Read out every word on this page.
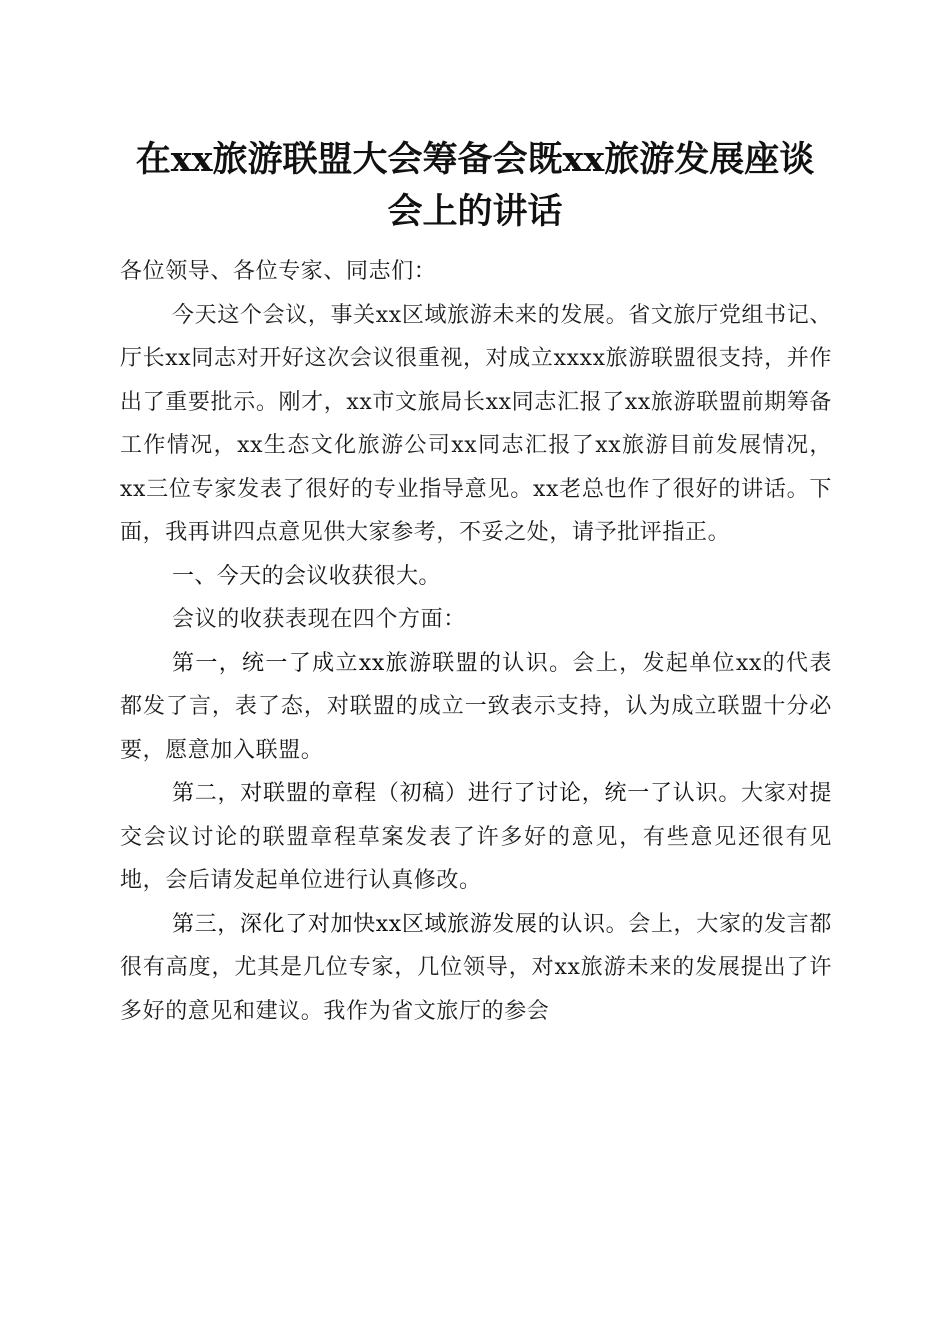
在xx旅游联盟大会筹备会既xx旅游发展座谈
会上的讲话

各位领导、各位专家、同志们：

今天这个会议，事关xx区域旅游未来的发展。省文旅厅党组书记、厅长xx同志对开好这次会议很重视，对成立xxxx旅游联盟很支持，并作出了重要批示。刚才，xx市文旅局长xx同志汇报了xx旅游联盟前期筹备工作情况，xx生态文化旅游公司xx同志汇报了xx旅游目前发展情况，xx三位专家发表了很好的专业指导意见。xx老总也作了很好的讲话。下面，我再讲四点意见供大家参考，不妥之处，请予批评指正。

一、今天的会议收获很大。

会议的收获表现在四个方面：

第一，统一了成立xx旅游联盟的认识。会上，发起单位xx的代表都发了言，表了态，对联盟的成立一致表示支持，认为成立联盟十分必要，愿意加入联盟。

第二，对联盟的章程（初稿）进行了讨论，统一了认识。大家对提交会议讨论的联盟章程草案发表了许多好的意见，有些意见还很有见地，会后请发起单位进行认真修改。

第三，深化了对加快xx区域旅游发展的认识。会上，大家的发言都很有高度，尤其是几位专家，几位领导，对xx旅游未来的发展提出了许多好的意见和建议。我作为省文旅厅的参会
